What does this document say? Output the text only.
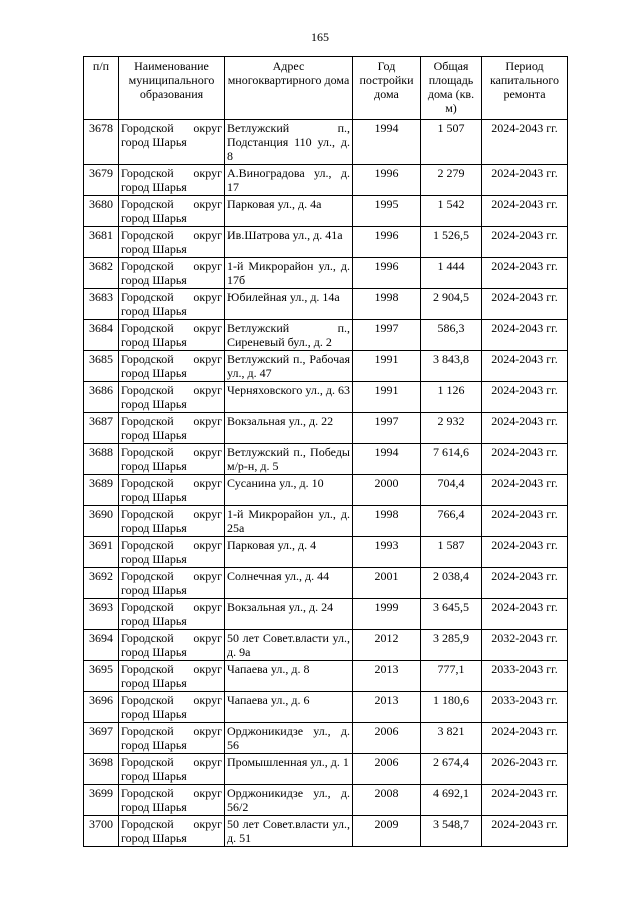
165
п/п	Наименование муниципального образования	Адрес многоквартирного дома	Год постройки дома	Общая площадь дома (кв. м)	Период капитального ремонта
3678	Городской округ город Шарья	Ветлужский п., Подстанция 110 ул., д. 8	1994	1 507	2024-2043 гг.
3679	Городской округ город Шарья	А.Виноградова ул., д. 17	1996	2 279	2024-2043 гг.
3680	Городской округ город Шарья	Парковая ул., д. 4а	1995	1 542	2024-2043 гг.
3681	Городской округ город Шарья	Ив.Шатрова ул., д. 41а	1996	1 526,5	2024-2043 гг.
3682	Городской округ город Шарья	1-й Микрорайон ул., д. 17б	1996	1 444	2024-2043 гг.
3683	Городской округ город Шарья	Юбилейная ул., д. 14а	1998	2 904,5	2024-2043 гг.
3684	Городской округ город Шарья	Ветлужский п., Сиреневый бул., д. 2	1997	586,3	2024-2043 гг.
3685	Городской округ город Шарья	Ветлужский п., Рабочая ул., д. 47	1991	3 843,8	2024-2043 гг.
3686	Городской округ город Шарья	Черняховского ул., д. 63	1991	1 126	2024-2043 гг.
3687	Городской округ город Шарья	Вокзальная ул., д. 22	1997	2 932	2024-2043 гг.
3688	Городской округ город Шарья	Ветлужский п., Победы м/р-н, д. 5	1994	7 614,6	2024-2043 гг.
3689	Городской округ город Шарья	Сусанина ул., д. 10	2000	704,4	2024-2043 гг.
3690	Городской округ город Шарья	1-й Микрорайон ул., д. 25а	1998	766,4	2024-2043 гг.
3691	Городской округ город Шарья	Парковая ул., д. 4	1993	1 587	2024-2043 гг.
3692	Городской округ город Шарья	Солнечная ул., д. 44	2001	2 038,4	2024-2043 гг.
3693	Городской округ город Шарья	Вокзальная ул., д. 24	1999	3 645,5	2024-2043 гг.
3694	Городской округ город Шарья	50 лет Совет.власти ул., д. 9а	2012	3 285,9	2032-2043 гг.
3695	Городской округ город Шарья	Чапаева ул., д. 8	2013	777,1	2033-2043 гг.
3696	Городской округ город Шарья	Чапаева ул., д. 6	2013	1 180,6	2033-2043 гг.
3697	Городской округ город Шарья	Орджоникидзе ул., д. 56	2006	3 821	2024-2043 гг.
3698	Городской округ город Шарья	Промышленная ул., д. 1	2006	2 674,4	2026-2043 гг.
3699	Городской округ город Шарья	Орджоникидзе ул., д. 56/2	2008	4 692,1	2024-2043 гг.
3700	Городской округ город Шарья	50 лет Совет.власти ул., д. 51	2009	3 548,7	2024-2043 гг.
